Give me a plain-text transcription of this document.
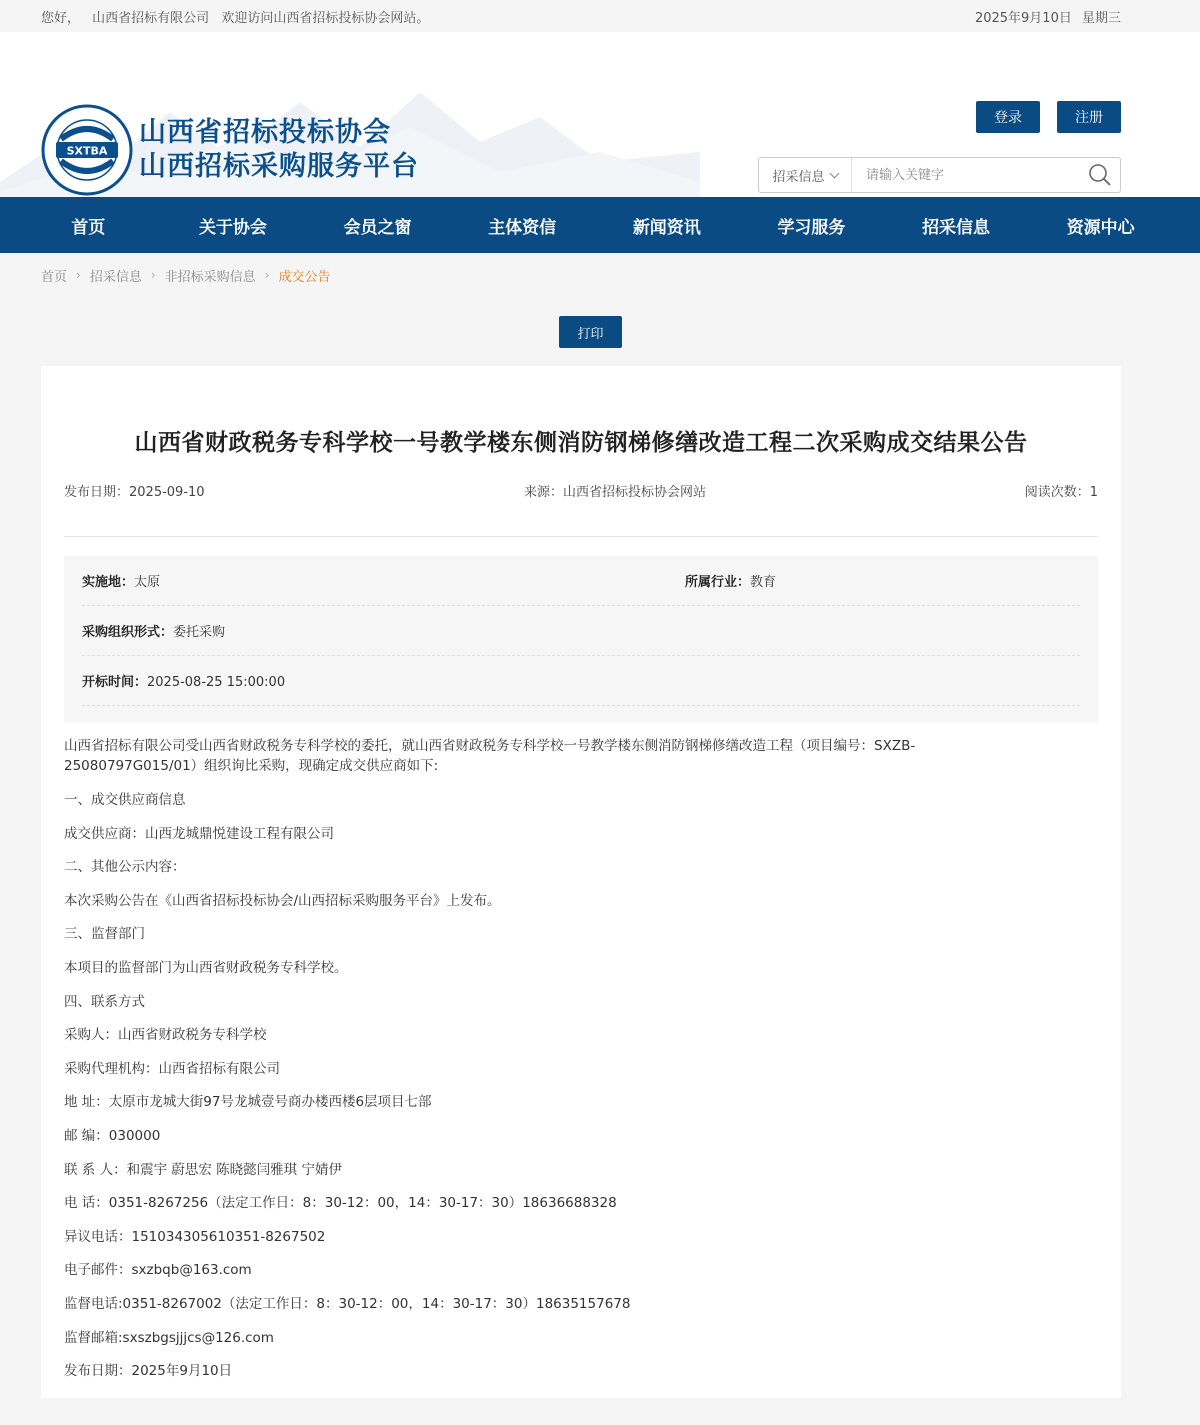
您好， 山西省招标有限公司 欢迎访问山西省招标投标协会网站。	2025年9月10日 星期三
SXTBA
山西省招标投标协会
山西招标采购服务平台
登录	注册
招采信息
请输入关键字
首页	关于协会	会员之窗	主体资信	新闻资讯	学习服务	招采信息	资源中心
首页 › 招采信息 › 非招标采购信息 › 成交公告
打印
山西省财政税务专科学校一号教学楼东侧消防钢梯修缮改造工程二次采购成交结果公告
发布日期：2025-09-10	来源：山西省招标投标协会网站	阅读次数：1
实施地：太原	所属行业：教育
采购组织形式：委托采购
开标时间：2025-08-25 15:00:00

山西省招标有限公司受山西省财政税务专科学校的委托，就山西省财政税务专科学校一号教学楼东侧消防钢梯修缮改造工程（项目编号：SXZB-25080797G015/01）组织询比采购，现确定成交供应商如下:

一、成交供应商信息

成交供应商：山西龙城鼎悦建设工程有限公司

二、其他公示内容：

本次采购公告在《山西省招标投标协会/山西招标采购服务平台》上发布。

三、监督部门

本项目的监督部门为山西省财政税务专科学校。

四、联系方式

采购人：山西省财政税务专科学校

采购代理机构：山西省招标有限公司

地 址：太原市龙城大街97号龙城壹号商办楼西楼6层项目七部

邮 编：030000

联 系 人：和震宇 蔚思宏 陈晓懿闫雅琪 宁婧伊

电 话：0351-8267256（法定工作日：8：30-12：00，14：30-17：30）18636688328

异议电话：151034305610351-8267502

电子邮件：sxzbqb@163.com

监督电话:0351-8267002（法定工作日：8：30-12：00，14：30-17：30）18635157678

监督邮箱:sxszbgsjjjcs@126.com

发布日期：2025年9月10日
